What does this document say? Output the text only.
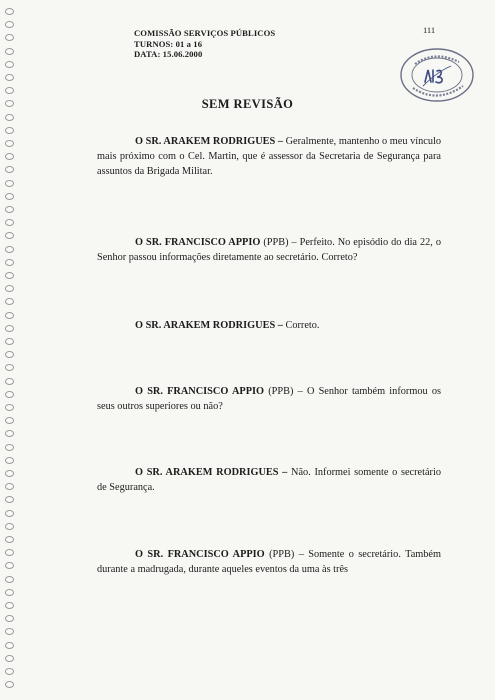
COMISSÃO SERVIÇOS PÚBLICOS
TURNOS: 01 a 16
DATA: 15.06.2000
111
SEM REVISÃO
O SR. ARAKEM RODRIGUES – Geralmente, mantenho o meu vínculo mais próximo com o Cel. Martin, que é assessor da Secretaria de Segurança para assuntos da Brigada Militar.
O SR. FRANCISCO APPIO (PPB) – Perfeito. No episódio do dia 22, o Senhor passou informações diretamente ao secretário. Correto?
O SR. ARAKEM RODRIGUES – Correto.
O SR. FRANCISCO APPIO (PPB) – O Senhor também informou os seus outros superiores ou não?
O SR. ARAKEM RODRIGUES – Não. Informei somente o secretário de Segurança.
O SR. FRANCISCO APPIO (PPB) – Somente o secretário. Também durante a madrugada, durante aqueles eventos da uma às três
